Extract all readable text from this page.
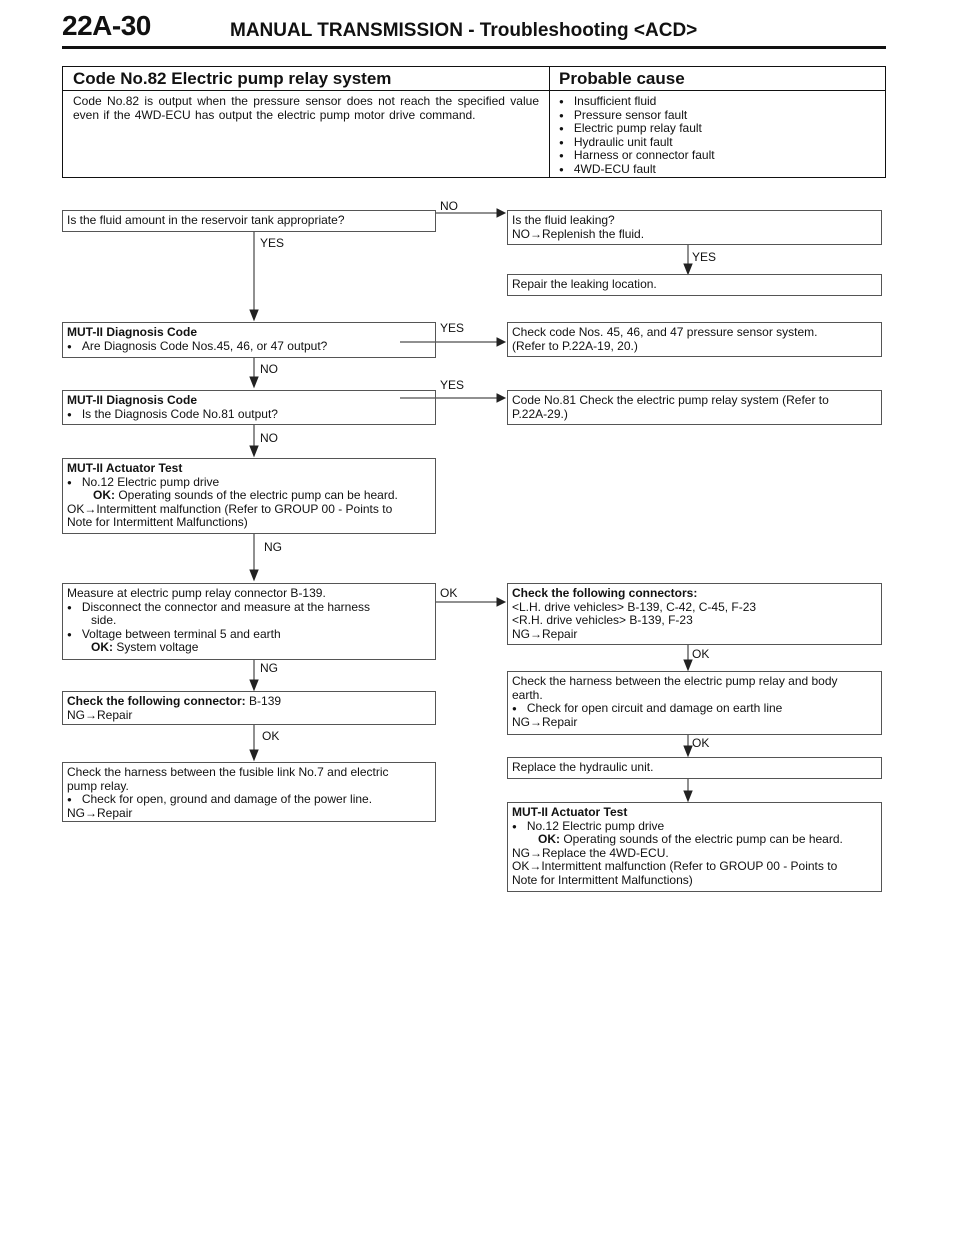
22A-30	MANUAL TRANSMISSION - Troubleshooting <ACD>
Code No.82 Electric pump relay system	Probable cause
Code No.82 is output when the pressure sensor does not reach the specified value even if the 4WD-ECU has output the electric pump motor drive command.
● Insufficient fluid
● Pressure sensor fault
● Electric pump relay fault
● Hydraulic unit fault
● Harness or connector fault
● 4WD-ECU fault
NO
YES
YES
YES
NO
YES
NO
NG
OK
OK
NG
OK	OK
Is the fluid amount in the reservoir tank appropriate?
MUT-II Diagnosis Code
● Are Diagnosis Code Nos.45, 46, or 47 output?
MUT-II Diagnosis Code
● Is the Diagnosis Code No.81 output?
MUT-II Actuator Test
● No.12 Electric pump drive

OK: Operating sounds of the electric pump can be heard.
OK→Intermittent malfunction (Refer to GROUP 00 - Points to
Note for Intermittent Malfunctions)
Measure at electric pump relay connector B-139.
● Disconnect the connector and measure at the harness

side.
● Voltage between terminal 5 and earth

OK: System voltage
Check the following connector: B-139
NG→Repair
Check the harness between the fusible link No.7 and electric
pump relay.
● Check for open, ground and damage of the power line.
NG→Repair
Is the fluid leaking?
NO→Replenish the fluid.
Repair the leaking location.
Check code Nos. 45, 46, and 47 pressure sensor system.
(Refer to P.22A-19, 20.)
Code No.81 Check the electric pump relay system (Refer to
P.22A-29.)
Check the following connectors:
<L.H. drive vehicles> B-139, C-42, C-45, F-23
<R.H. drive vehicles> B-139, F-23
NG→Repair
Check the harness between the electric pump relay and body
earth.
● Check for open circuit and damage on earth line
NG→Repair
Replace the hydraulic unit.
MUT-II Actuator Test
● No.12 Electric pump drive

OK: Operating sounds of the electric pump can be heard.
NG→Replace the 4WD-ECU.
OK→Intermittent malfunction (Refer to GROUP 00 - Points to
Note for Intermittent Malfunctions)
